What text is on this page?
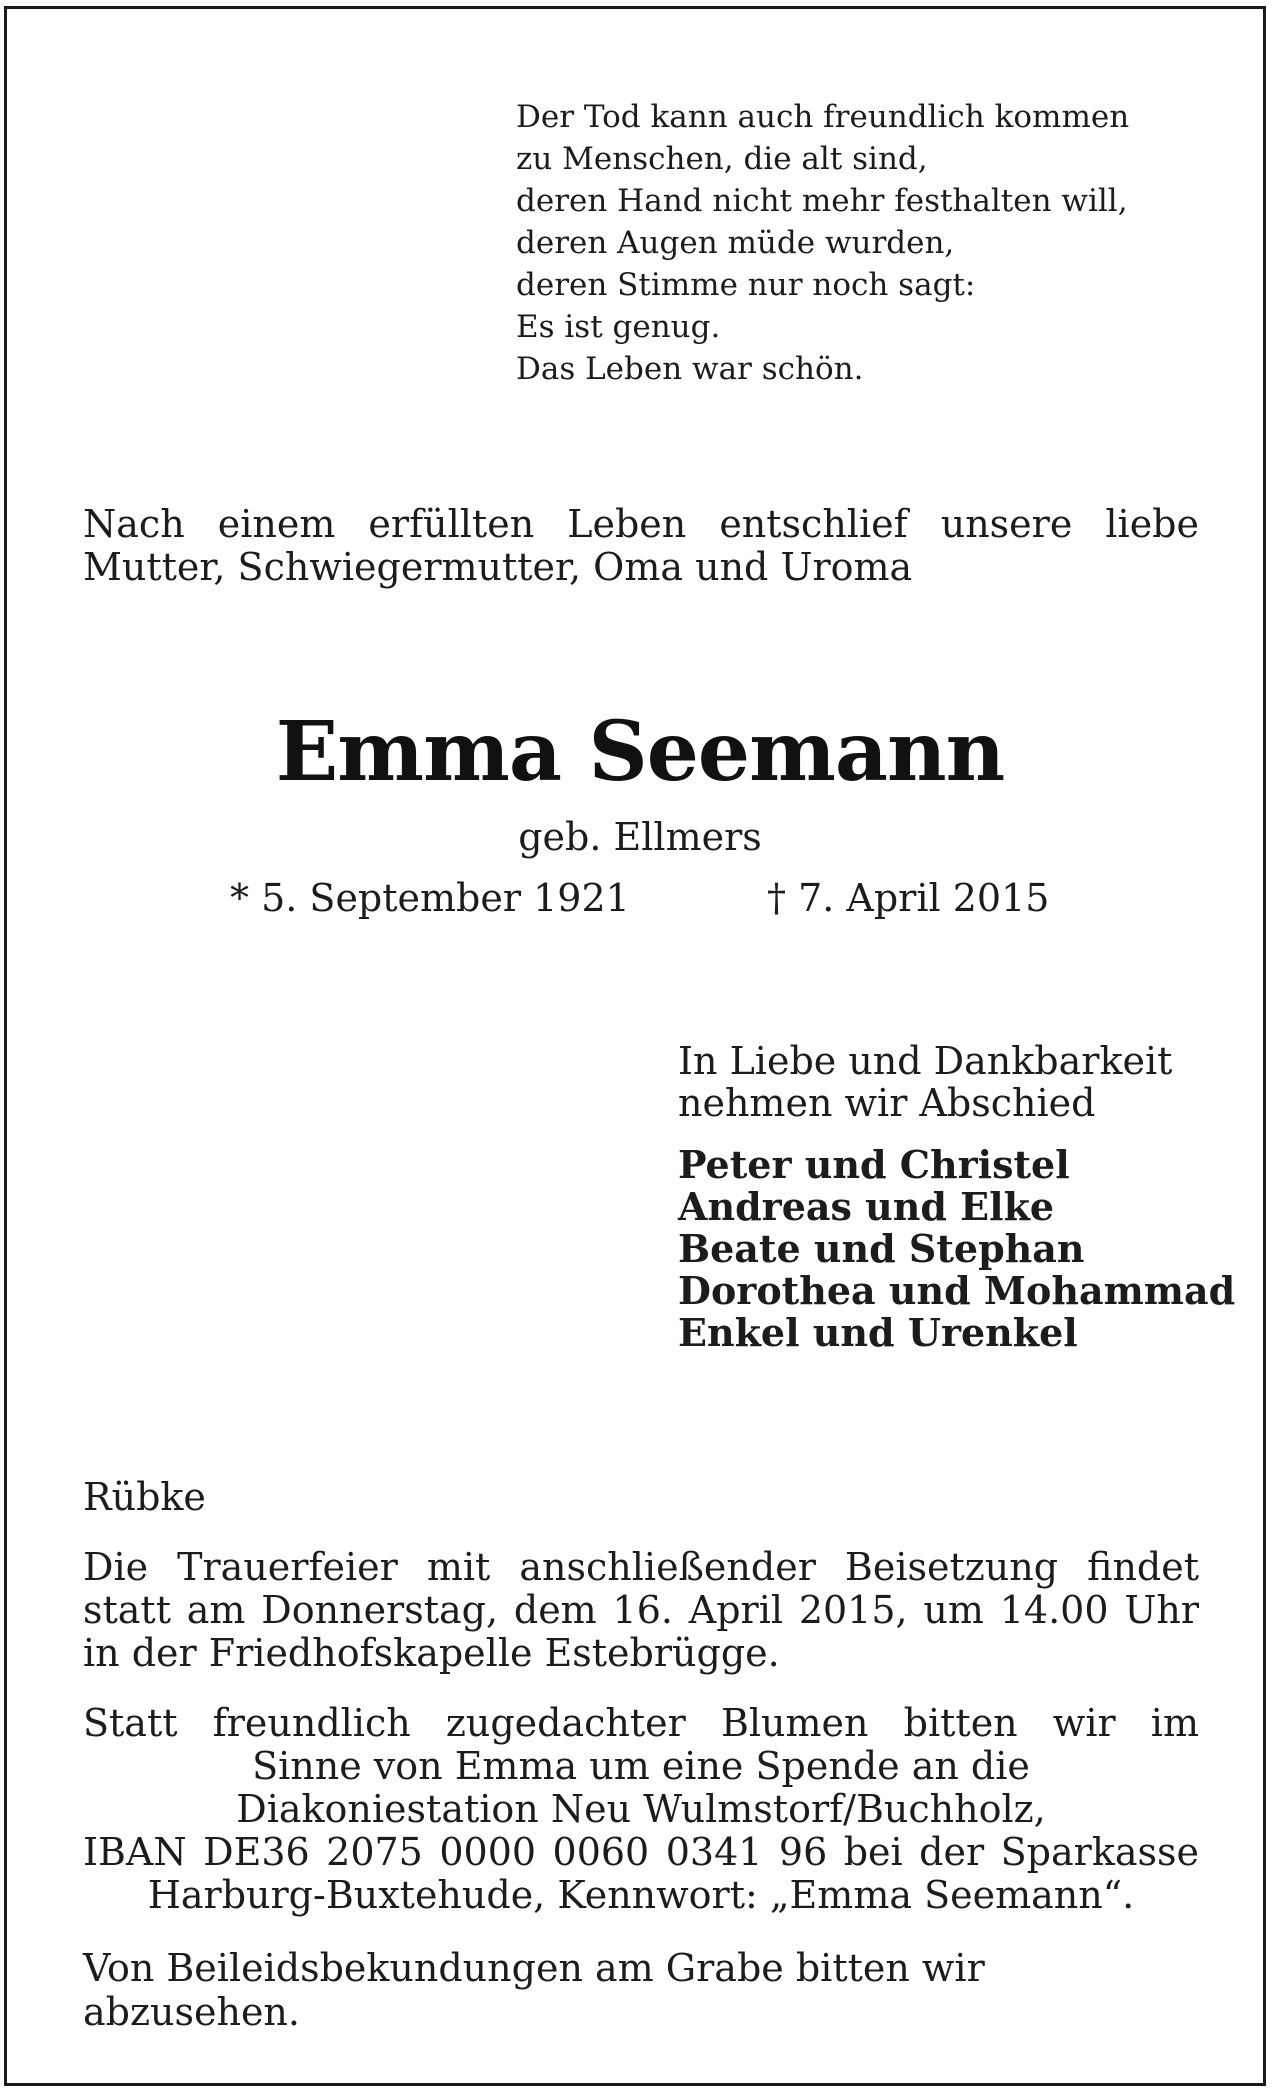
Der Tod kann auch freundlich kommen
zu Menschen, die alt sind,
deren Hand nicht mehr festhalten will,
deren Augen müde wurden,
deren Stimme nur noch sagt:
Es ist genug.
Das Leben war schön.
Nach einem erfüllten Leben entschlief unsere liebe
Mutter, Schwiegermutter, Oma und Uroma
Emma Seemann
geb. Ellmers
* 5. September 1921	† 7. April 2015
In Liebe und Dankbarkeit
nehmen wir Abschied
Peter und Christel
Andreas und Elke
Beate und Stephan
Dorothea und Mohammad
Enkel und Urenkel
Rübke
Die Trauerfeier mit anschließender Beisetzung findet
statt am Donnerstag, dem 16. April 2015, um 14.00 Uhr
in der Friedhofskapelle Estebrügge.
Statt freundlich zugedachter Blumen bitten wir im
Sinne von Emma um eine Spende an die
Diakoniestation Neu Wulmstorf/Buchholz,
IBAN DE36 2075 0000 0060 0341 96 bei der Sparkasse
Harburg-Buxtehude, Kennwort: „Emma Seemann“.
Von Beileidsbekundungen am Grabe bitten wir abzusehen.
